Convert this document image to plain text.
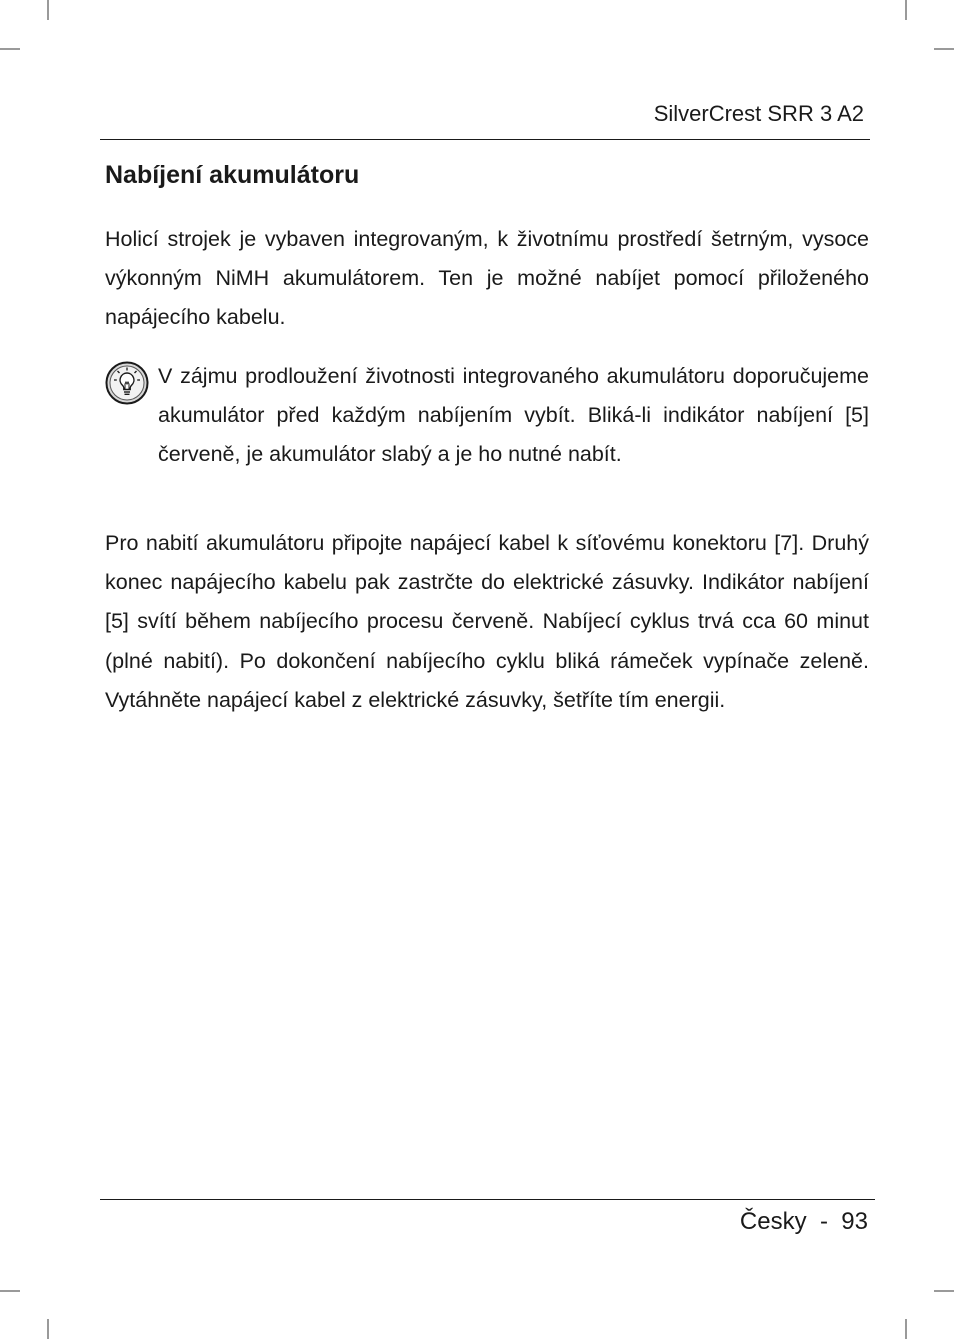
SilverCrest SRR 3 A2
Nabíjení akumulátoru

Holicí strojek je vybaven integrovaným, k životnímu prostředí šetrným, vysoce výkonným NiMH akumulátorem. Ten je možné nabíjet pomocí přiloženého napájecího kabelu.

V zájmu prodloužení životnosti integrovaného akumulátoru doporučujeme akumulátor před každým nabíjením vybít. Bliká-li indikátor nabíjení [5] červeně, je akumulátor slabý a je ho nutné nabít.

Pro nabití akumulátoru připojte napájecí kabel k síťovému konektoru [7]. Druhý konec napájecího kabelu pak zastrčte do elektrické zásuvky. Indikátor nabíjení [5] svítí během nabíjecího procesu červeně. Nabíjecí cyklus trvá cca 60 minut (plné nabití). Po dokončení nabíjecího cyklu bliká rámeček vypínače zeleně. Vytáhněte napájecí kabel z elektrické zásuvky, šetříte tím energii.

Česky - 93
